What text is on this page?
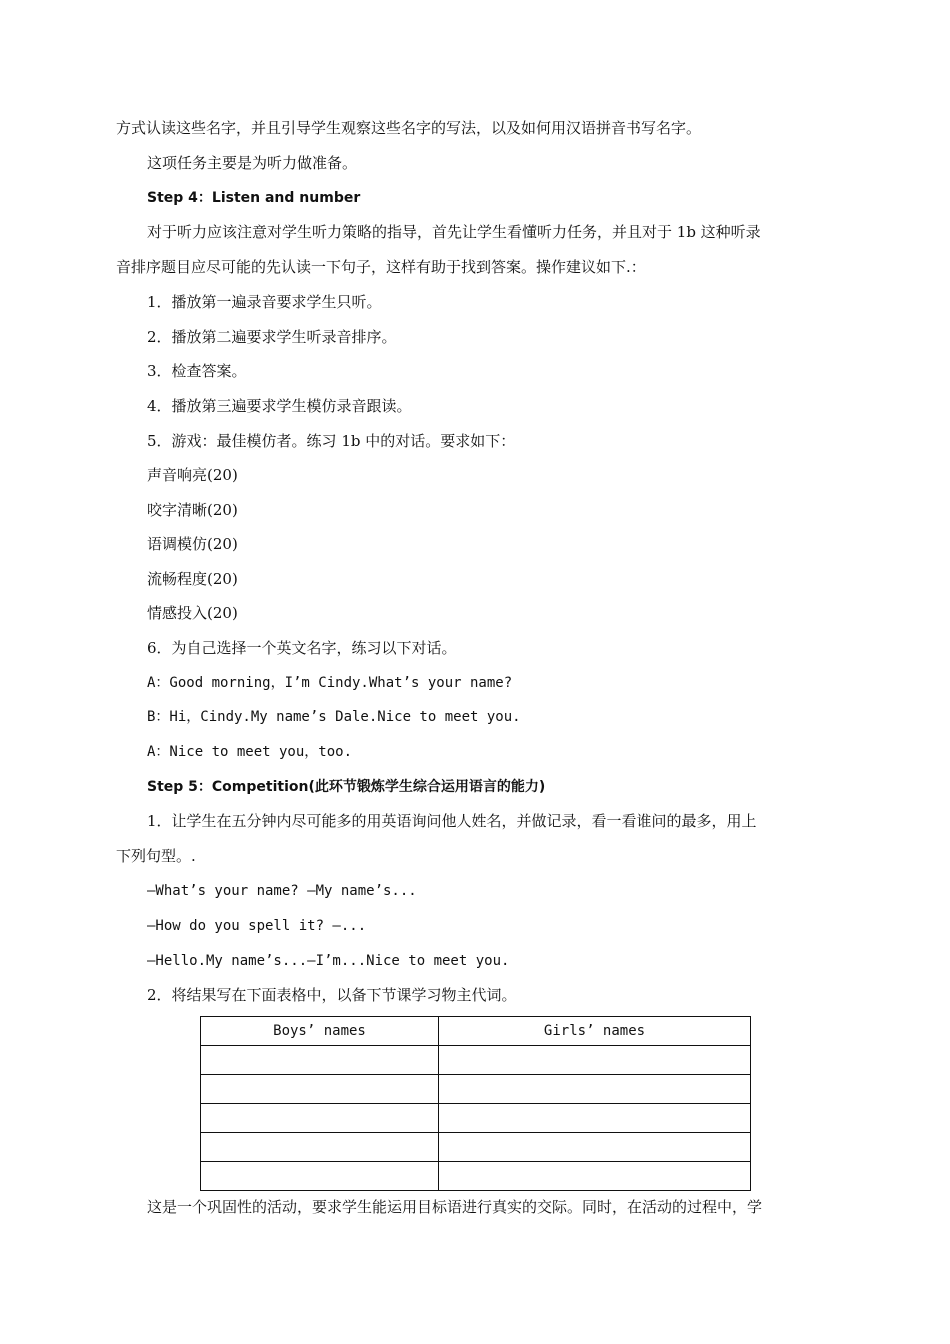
方式认读这些名字，并且引导学生观察这些名字的写法，以及如何用汉语拼音书写名字。
这项任务主要是为听力做准备。
Step 4：Listen and number
对于听力应该注意对学生听力策略的指导，首先让学生看懂听力任务，并且对于 1b 这种听录
音排序题目应尽可能的先认读一下句子，这样有助于找到答案。操作建议如下.：
1．播放第一遍录音要求学生只听。
2．播放第二遍要求学生听录音排序。
3．检查答案。
4．播放第三遍要求学生模仿录音跟读。
5．游戏：最佳模仿者。练习 1b 中的对话。要求如下：
声音响亮(20)
咬字清晰(20)
语调模仿(20)
流畅程度(20)
情感投入(20)
6．为自己选择一个英文名字，练习以下对话。
A：Good morning，I’m Cindy.What’s your name?
B：Hi，Cindy.My name’s Dale.Nice to meet you.
A：Nice to meet you，too.
Step 5：Competition(此环节锻炼学生综合运用语言的能力)
1．让学生在五分钟内尽可能多的用英语询问他人姓名，并做记录，看一看谁问的最多，用上
下列句型。.
—What’s your name? —My name’s...
—How do you spell it? —...
—Hello.My name’s...—I’m...Nice to meet you.
2．将结果写在下面表格中，以备下节课学习物主代词。
Boys’ names	Girls’ names

这是一个巩固性的活动，要求学生能运用目标语进行真实的交际。同时，在活动的过程中，学
